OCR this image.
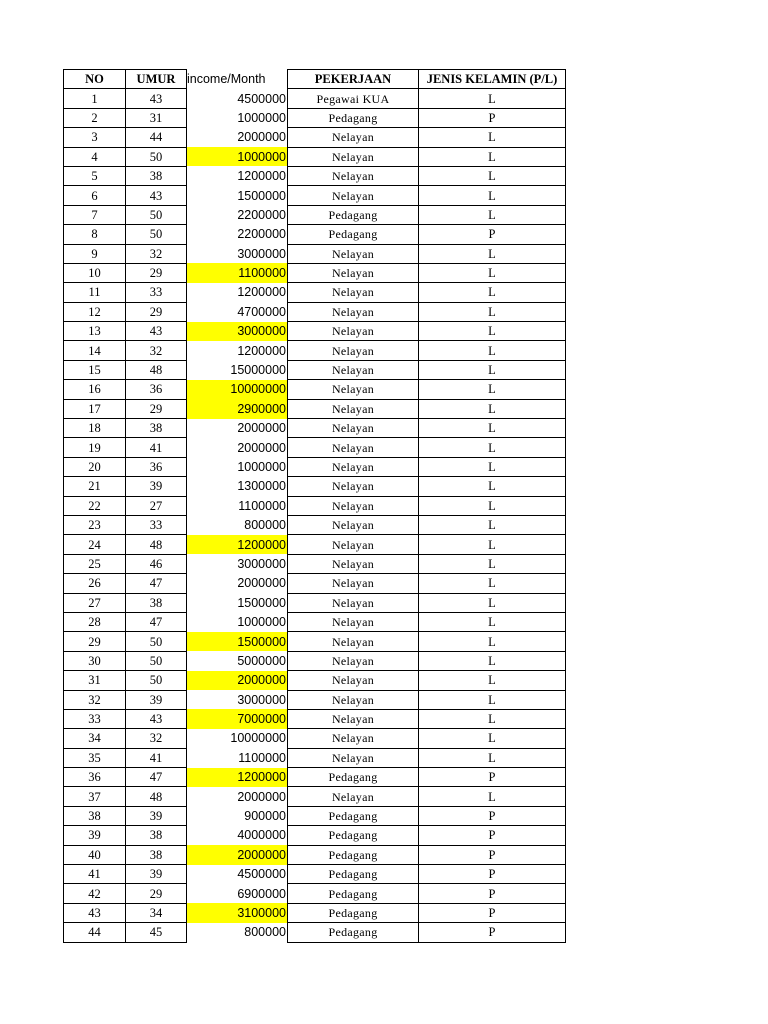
NO	UMUR	income/Month	PEKERJAAN	JENIS KELAMIN (P/L)
1	43	4500000	Pegawai KUA	L
2	31	1000000	Pedagang	P
3	44	2000000	Nelayan	L
4	50	1000000	Nelayan	L
5	38	1200000	Nelayan	L
6	43	1500000	Nelayan	L
7	50	2200000	Pedagang	L
8	50	2200000	Pedagang	P
9	32	3000000	Nelayan	L
10	29	1100000	Nelayan	L
11	33	1200000	Nelayan	L
12	29	4700000	Nelayan	L
13	43	3000000	Nelayan	L
14	32	1200000	Nelayan	L
15	48	15000000	Nelayan	L
16	36	10000000	Nelayan	L
17	29	2900000	Nelayan	L
18	38	2000000	Nelayan	L
19	41	2000000	Nelayan	L
20	36	1000000	Nelayan	L
21	39	1300000	Nelayan	L
22	27	1100000	Nelayan	L
23	33	800000	Nelayan	L
24	48	1200000	Nelayan	L
25	46	3000000	Nelayan	L
26	47	2000000	Nelayan	L
27	38	1500000	Nelayan	L
28	47	1000000	Nelayan	L
29	50	1500000	Nelayan	L
30	50	5000000	Nelayan	L
31	50	2000000	Nelayan	L
32	39	3000000	Nelayan	L
33	43	7000000	Nelayan	L
34	32	10000000	Nelayan	L
35	41	1100000	Nelayan	L
36	47	1200000	Pedagang	P
37	48	2000000	Nelayan	L
38	39	900000	Pedagang	P
39	38	4000000	Pedagang	P
40	38	2000000	Pedagang	P
41	39	4500000	Pedagang	P
42	29	6900000	Pedagang	P
43	34	3100000	Pedagang	P
44	45	800000	Pedagang	P
